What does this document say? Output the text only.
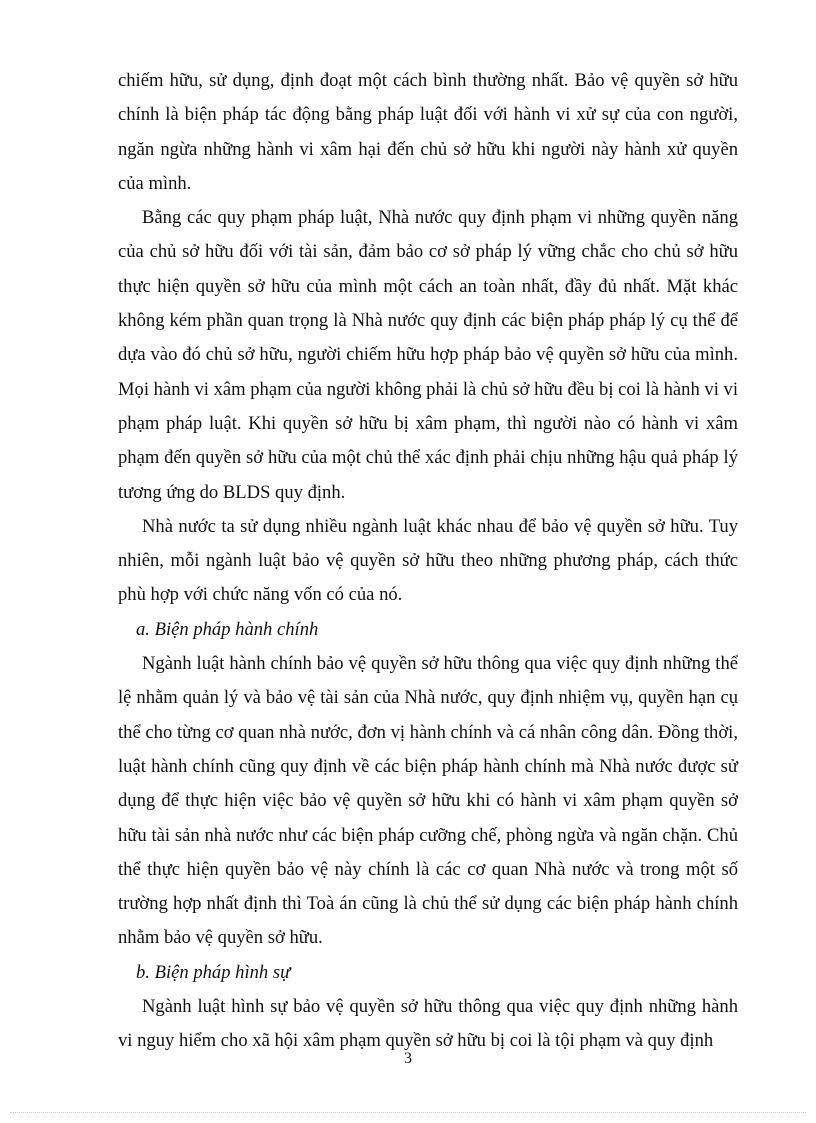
chiếm hữu, sử dụng, định đoạt một cách bình thường nhất. Bảo vệ quyền sở hữu chính là biện pháp tác động bằng pháp luật đối với hành vi xử sự của con người, ngăn ngừa những hành vi xâm hại đến chủ sở hữu khi người này hành xử quyền của mình.

Bằng các quy phạm pháp luật, Nhà nước quy định phạm vi những quyền năng của chủ sở hữu đối với tài sản, đảm bảo cơ sở pháp lý vững chắc cho chủ sở hữu thực hiện quyền sở hữu của mình một cách an toàn nhất, đầy đủ nhất. Mặt khác không kém phần quan trọng là Nhà nước quy định các biện pháp pháp lý cụ thể để dựa vào đó chủ sở hữu, người chiếm hữu hợp pháp bảo vệ quyền sở hữu của mình. Mọi hành vi xâm phạm của người không phải là chủ sở hữu đều bị coi là hành vi vi phạm pháp luật. Khi quyền sở hữu bị xâm phạm, thì người nào có hành vi xâm phạm đến quyền sở hữu của một chủ thể xác định phải chịu những hậu quả pháp lý tương ứng do BLDS quy định.

Nhà nước ta sử dụng nhiều ngành luật khác nhau để bảo vệ quyền sở hữu. Tuy nhiên, mỗi ngành luật bảo vệ quyền sở hữu theo những phương pháp, cách thức phù hợp với chức năng vốn có của nó.

a. Biện pháp hành chính

Ngành luật hành chính bảo vệ quyền sở hữu thông qua việc quy định những thể lệ nhằm quản lý và bảo vệ tài sản của Nhà nước, quy định nhiệm vụ, quyền hạn cụ thể cho từng cơ quan nhà nước, đơn vị hành chính và cá nhân công dân. Đồng thời, luật hành chính cũng quy định về các biện pháp hành chính mà Nhà nước được sử dụng để thực hiện việc bảo vệ quyền sở hữu khi có hành vi xâm phạm quyền sở hữu tài sản nhà nước như các biện pháp cưỡng chế, phòng ngừa và ngăn chặn. Chủ thể thực hiện quyền bảo vệ này chính là các cơ quan Nhà nước và trong một số trường hợp nhất định thì Toà án cũng là chủ thể sử dụng các biện pháp hành chính nhằm bảo vệ quyền sở hữu.

b. Biện pháp hình sự

Ngành luật hình sự bảo vệ quyền sở hữu thông qua việc quy định những hành vi nguy hiểm cho xã hội xâm phạm quyền sở hữu bị coi là tội phạm và quy định

3
